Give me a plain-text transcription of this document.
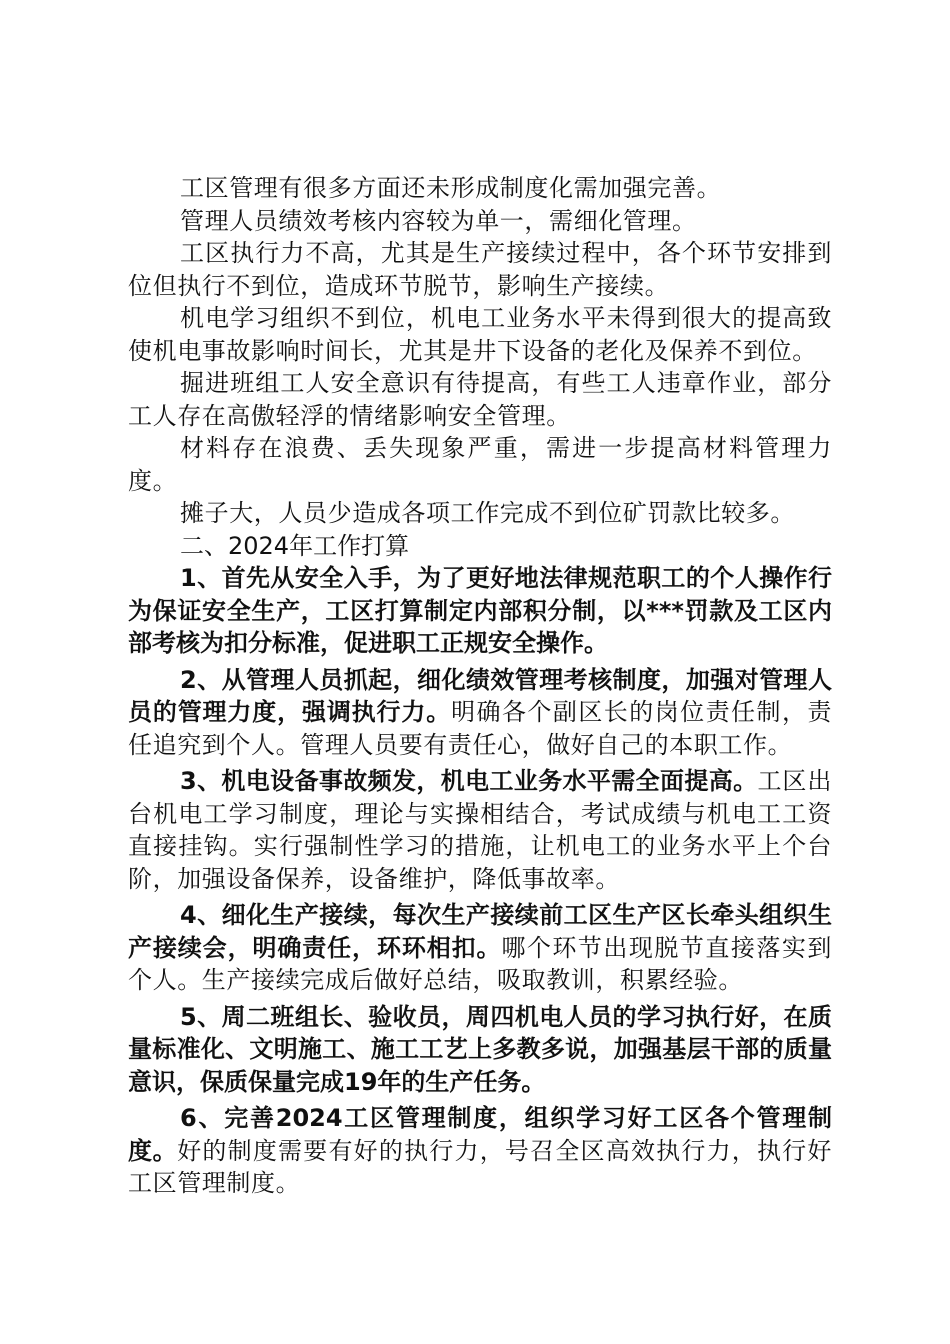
工区管理有很多方面还未形成制度化需加强完善。

管理人员绩效考核内容较为单一，需细化管理。

工区执行力不高，尤其是生产接续过程中，各个环节安排到位但执行不到位，造成环节脱节，影响生产接续。

机电学习组织不到位，机电工业务水平未得到很大的提高致使机电事故影响时间长，尤其是井下设备的老化及保养不到位。

掘进班组工人安全意识有待提高，有些工人违章作业，部分工人存在高傲轻浮的情绪影响安全管理。

材料存在浪费、丢失现象严重，需进一步提高材料管理力度。

摊子大，人员少造成各项工作完成不到位矿罚款比较多。

二、2024年工作打算

1、首先从安全入手，为了更好地法律规范职工的个人操作行为保证安全生产，工区打算制定内部积分制，以***罚款及工区内部考核为扣分标准，促进职工正规安全操作。

2、从管理人员抓起，细化绩效管理考核制度，加强对管理人员的管理力度，强调执行力。明确各个副区长的岗位责任制，责任追究到个人。管理人员要有责任心，做好自己的本职工作。

3、机电设备事故频发，机电工业务水平需全面提高。工区出台机电工学习制度，理论与实操相结合，考试成绩与机电工工资直接挂钩。实行强制性学习的措施，让机电工的业务水平上个台阶，加强设备保养，设备维护，降低事故率。

4、细化生产接续，每次生产接续前工区生产区长牵头组织生产接续会，明确责任，环环相扣。哪个环节出现脱节直接落实到个人。生产接续完成后做好总结，吸取教训，积累经验。

5、周二班组长、验收员，周四机电人员的学习执行好，在质量标准化、文明施工、施工工艺上多教多说，加强基层干部的质量意识，保质保量完成19年的生产任务。

6、完善2024工区管理制度，组织学习好工区各个管理制度。好的制度需要有好的执行力，号召全区高效执行力，执行好工区管理制度。
